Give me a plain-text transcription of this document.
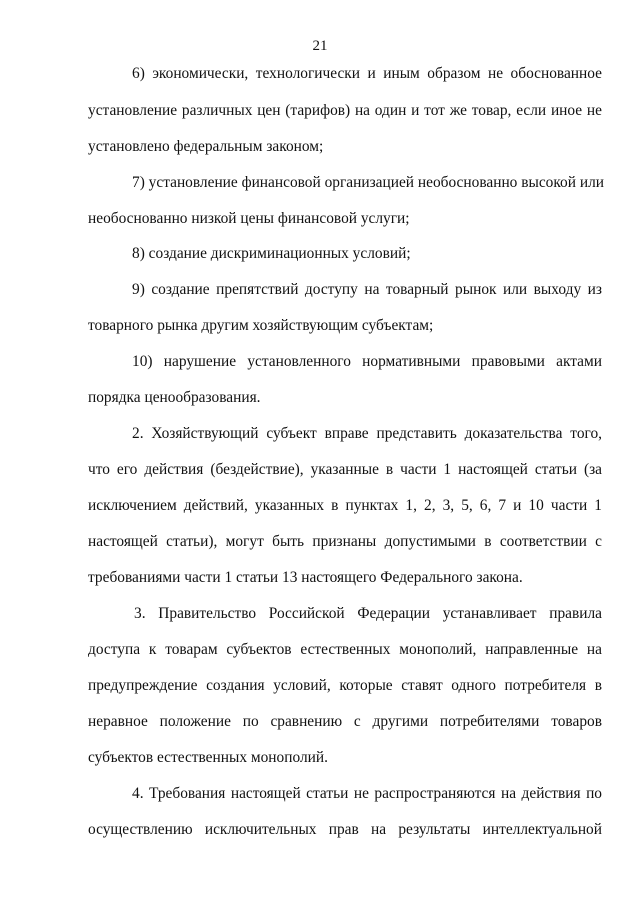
21
6) экономически, технологически и иным образом не обоснованное
установление различных цен (тарифов) на один и тот же товар, если иное не
установлено федеральным законом;
7) установление финансовой организацией необоснованно высокой или
необоснованно низкой цены финансовой услуги;
8) создание дискриминационных условий;
9) создание препятствий доступу на товарный рынок или выходу из
товарного рынка другим хозяйствующим субъектам;
10) нарушение установленного нормативными правовыми актами
порядка ценообразования.
2. Хозяйствующий субъект вправе представить доказательства того,
что его действия (бездействие), указанные в части 1 настоящей статьи (за
исключением действий, указанных в пунктах 1, 2, 3, 5, 6, 7 и 10 части 1
настоящей статьи), могут быть признаны допустимыми в соответствии с
требованиями части 1 статьи 13 настоящего Федерального закона.
3. Правительство Российской Федерации устанавливает правила
доступа к товарам субъектов естественных монополий, направленные на
предупреждение создания условий, которые ставят одного потребителя в
неравное положение по сравнению с другими потребителями товаров
субъектов естественных монополий.
4. Требования настоящей статьи не распространяются на действия по
осуществлению исключительных прав на результаты интеллектуальной
